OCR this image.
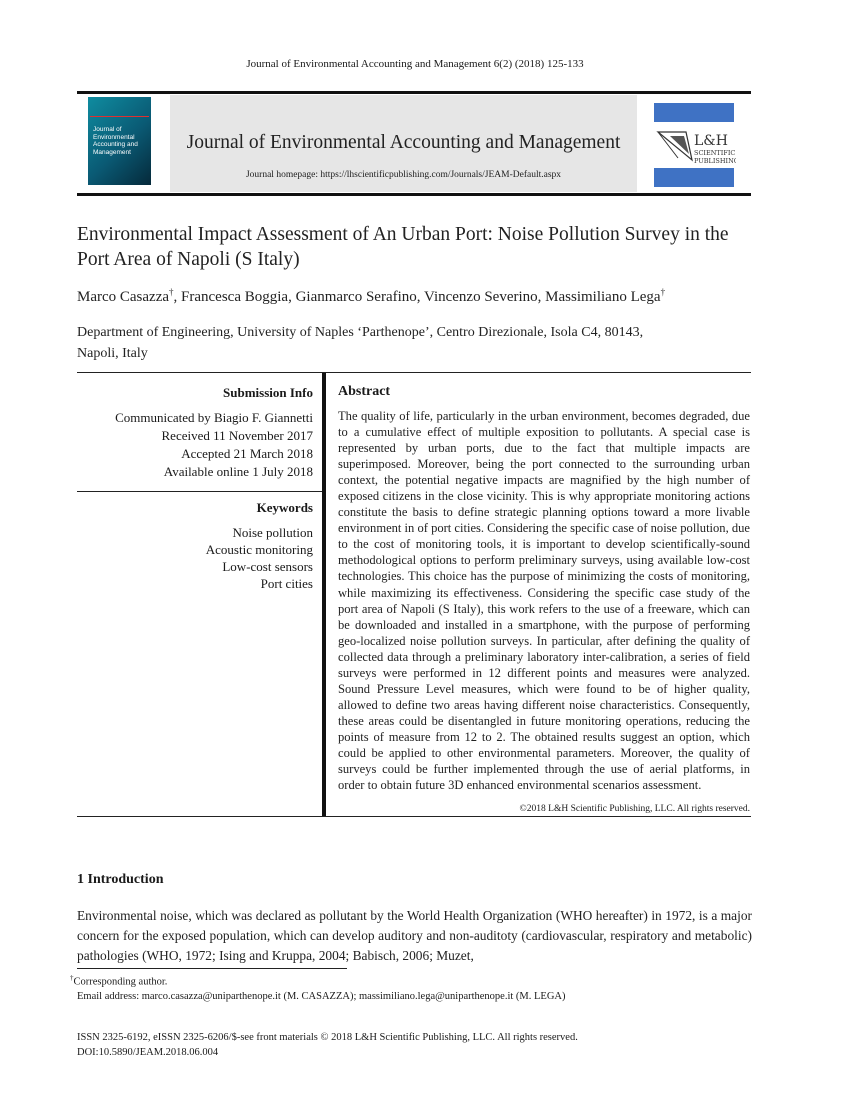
Journal of Environmental Accounting and Management 6(2) (2018) 125-133
Journal of Environmental Accounting and Management	Journal of Environmental Accounting and Management
Journal homepage: https://lhscientificpublishing.com/Journals/JEAM-Default.aspx
L&H
SCIENTIFIC
PUBLISHING
Environmental Impact Assessment of An Urban Port: Noise Pollution Survey in the Port Area of Napoli (S Italy)
Marco Casazza†, Francesca Boggia, Gianmarco Serafino, Vincenzo Severino, Massimiliano Lega†
Department of Engineering, University of Naples ‘Parthenope’, Centro Direzionale, Isola C4, 80143,
Napoli, Italy
Submission Info
Communicated by Biagio F. Giannetti
Received 11 November 2017
Accepted 21 March 2018
Available online 1 July 2018
Keywords
Noise pollution
Acoustic monitoring
Low-cost sensors
Port cities
Abstract
The quality of life, particularly in the urban environment, becomes degraded, due to a cumulative effect of multiple exposition to pollutants. A special case is represented by urban ports, due to the fact that multiple impacts are superimposed. Moreover, being the port connected to the surrounding urban context, the potential negative impacts are magnified by the high number of exposed citizens in the close vicinity. This is why appropriate monitoring actions constitute the basis to define strategic planning options toward a more livable environment in of port cities. Considering the specific case of noise pollution, due to the cost of monitoring tools, it is important to develop scientifically-sound methodological options to perform preliminary surveys, using available low-cost technologies. This choice has the purpose of minimizing the costs of monitoring, while maximizing its effectiveness. Considering the specific case study of the port area of Napoli (S Italy), this work refers to the use of a freeware, which can be downloaded and installed in a smartphone, with the purpose of performing geo-localized noise pollution surveys. In particular, after defining the quality of collected data through a preliminary laboratory inter-calibration, a series of field surveys were performed in 12 different points and measures were analyzed. Sound Pressure Level measures, which were found to be of higher quality, allowed to define two areas having different noise characteristics. Consequently, these areas could be disentangled in future monitoring operations, reducing the points of measure from 12 to 2. The obtained results suggest an option, which could be applied to other environmental parameters. Moreover, the quality of surveys could be further implemented through the use of aerial platforms, in order to obtain future 3D enhanced environmental scenarios assessment.
©2018 L&H Scientific Publishing, LLC. All rights reserved.
1 Introduction
Environmental noise, which was declared as pollutant by the World Health Organization (WHO hereafter) in 1972, is a major concern for the exposed population, which can develop auditory and non-auditoty (cardiovascular, respiratory and metabolic) pathologies (WHO, 1972; Ising and Kruppa, 2004; Babisch, 2006; Muzet,
†Corresponding author.
Email address: marco.casazza@uniparthenope.it (M. CASAZZA); massimiliano.lega@uniparthenope.it (M. LEGA)
ISSN 2325-6192, eISSN 2325-6206/$-see front materials © 2018 L&H Scientific Publishing, LLC. All rights reserved.
DOI:10.5890/JEAM.2018.06.004
